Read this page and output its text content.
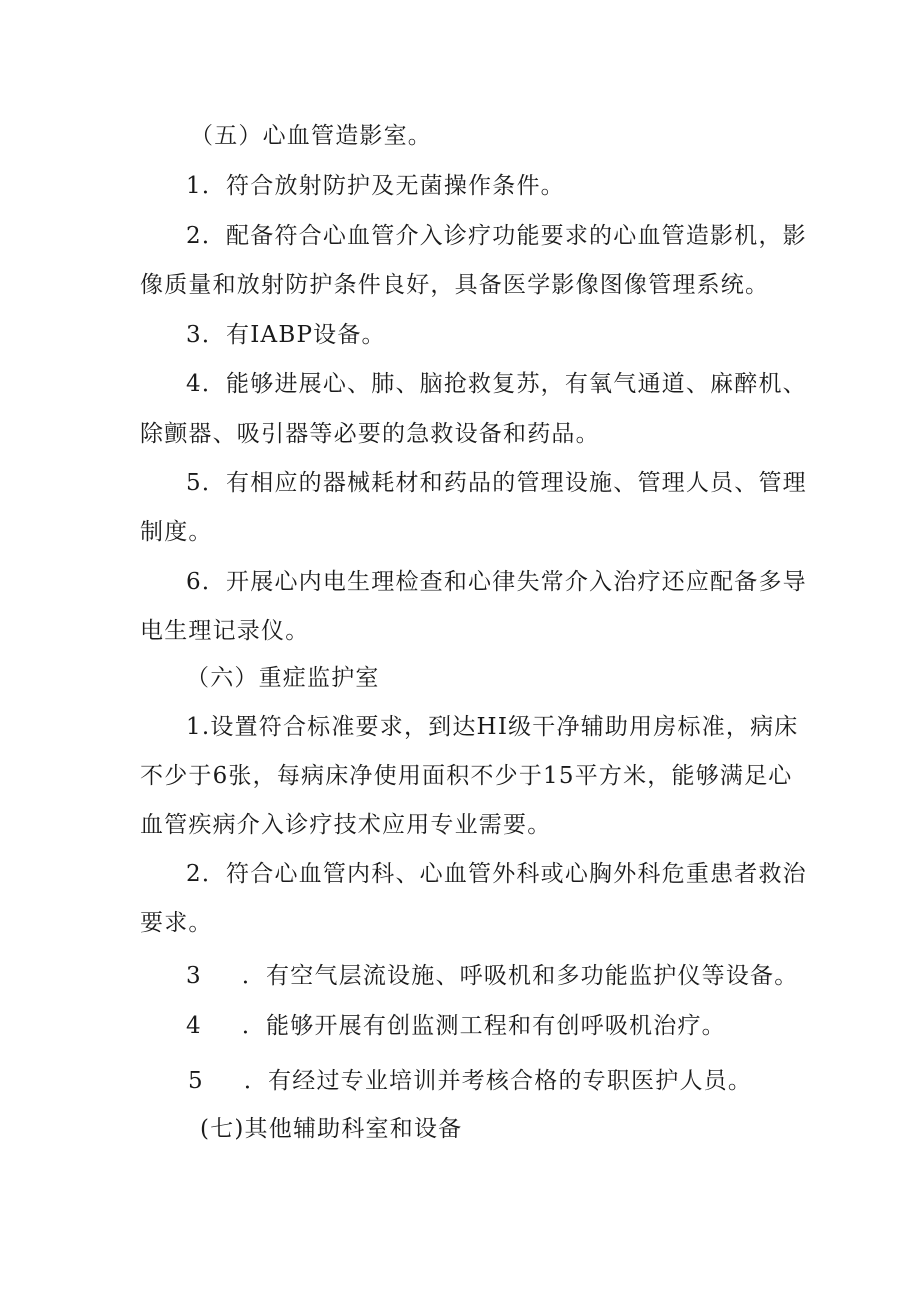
（五）心血管造影室。

1．符合放射防护及无菌操作条件。

2．配备符合心血管介入诊疗功能要求的心血管造影机，影

像质量和放射防护条件良好，具备医学影像图像管理系统。

3．有IABP设备。

4．能够进展心、肺、脑抢救复苏，有氧气通道、麻醉机、

除颤器、吸引器等必要的急救设备和药品。

5．有相应的器械耗材和药品的管理设施、管理人员、管理

制度。

6．开展心内电生理检查和心律失常介入治疗还应配备多导

电生理记录仪。

（六）重症监护室

1.设置符合标准要求，到达HI级干净辅助用房标准，病床

不少于6张，每病床净使用面积不少于15平方米，能够满足心

血管疾病介入诊疗技术应用专业需要。

2．符合心血管内科、心血管外科或心胸外科危重患者救治

要求。

3 ．有空气层流设施、呼吸机和多功能监护仪等设备。

4 ．能够开展有创监测工程和有创呼吸机治疗。

5 ．有经过专业培训并考核合格的专职医护人员。

(七)其他辅助科室和设备
